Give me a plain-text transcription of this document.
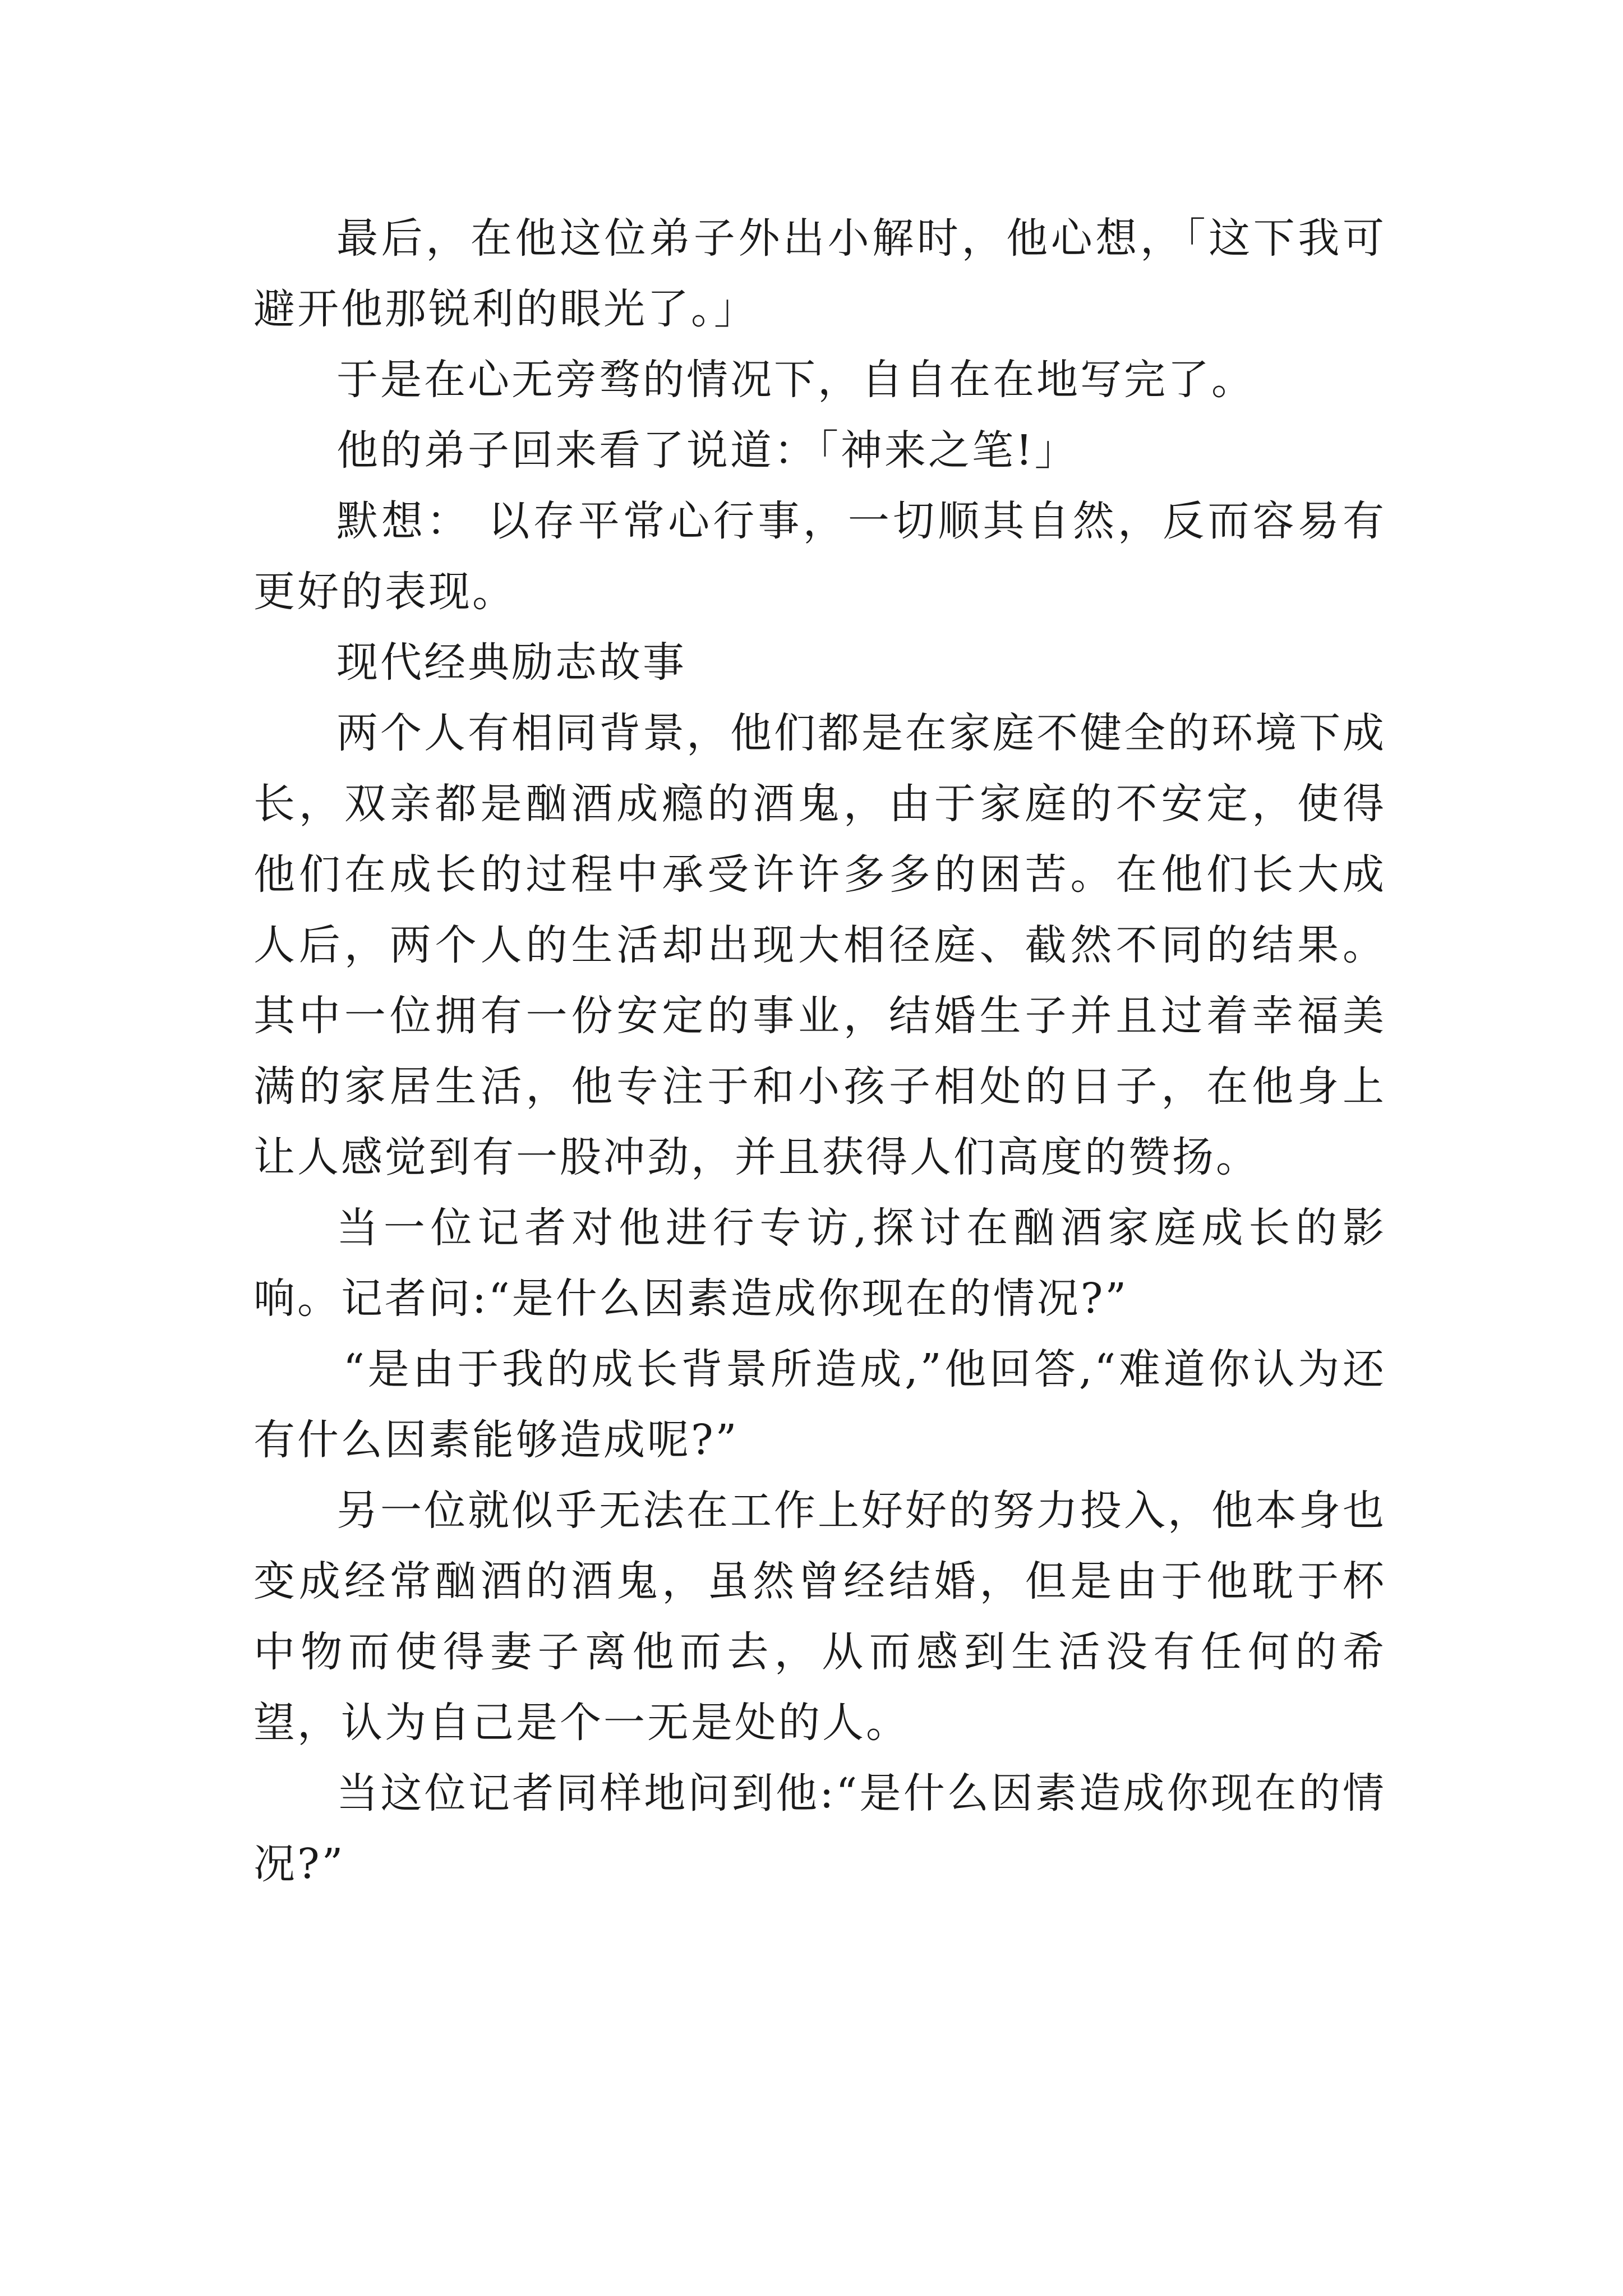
最后，在他这位弟子外出小解时，他心想，「这下我可避开他那锐利的眼光了。」

于是在心无旁骛的情况下，自自在在地写完了。

他的弟子回来看了说道：「神来之笔!」

默想： 以存平常心行事，一切顺其自然，反而容易有更好的表现。

现代经典励志故事

两个人有相同背景，他们都是在家庭不健全的环境下成长，双亲都是酗酒成瘾的酒鬼，由于家庭的不安定，使得他们在成长的过程中承受许许多多的困苦。在他们长大成人后，两个人的生活却出现大相径庭、截然不同的结果。其中一位拥有一份安定的事业，结婚生子并且过着幸福美满的家居生活，他专注于和小孩子相处的日子，在他身上让人感觉到有一股冲劲，并且获得人们高度的赞扬。

当一位记者对他进行专访,探讨在酗酒家庭成长的影响。记者问:“是什么因素造成你现在的情况?”

“是由于我的成长背景所造成,”他回答,“难道你认为还有什么因素能够造成呢?”

另一位就似乎无法在工作上好好的努力投入，他本身也变成经常酗酒的酒鬼，虽然曾经结婚，但是由于他耽于杯中物而使得妻子离他而去，从而感到生活没有任何的希望，认为自己是个一无是处的人。

当这位记者同样地问到他:“是什么因素造成你现在的情况?”
